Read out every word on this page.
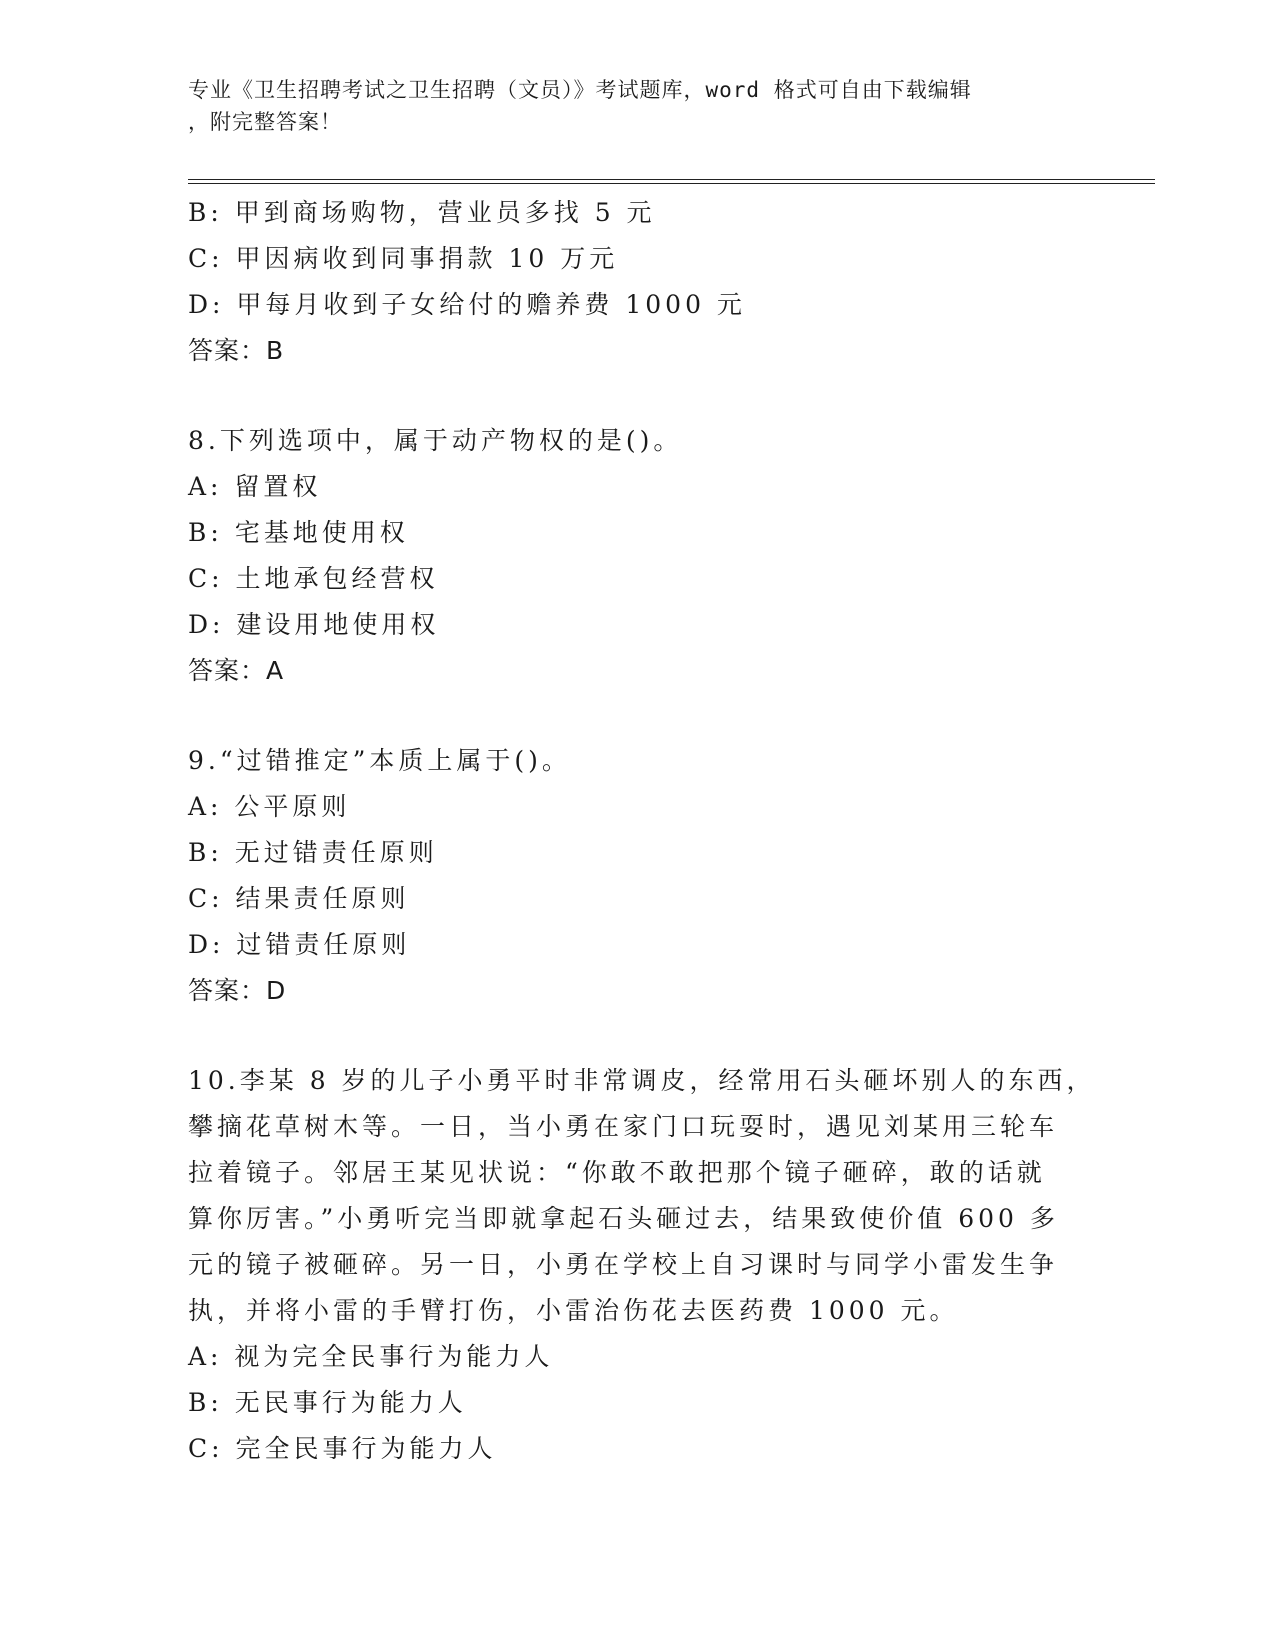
专业《卫生招聘考试之卫生招聘（文员）》考试题库，word 格式可自由下载编辑
，附完整答案！
B: 甲到商场购物，营业员多找 5 元
C: 甲因病收到同事捐款 10 万元
D: 甲每月收到子女给付的赡养费 1000 元
答案：B
8.下列选项中，属于动产物权的是()。
A: 留置权
B: 宅基地使用权
C: 土地承包经营权
D: 建设用地使用权
答案：A
9.“过错推定”本质上属于()。
A: 公平原则
B: 无过错责任原则
C: 结果责任原则
D: 过错责任原则
答案：D
10.李某 8 岁的儿子小勇平时非常调皮，经常用石头砸坏别人的东西，
攀摘花草树木等。一日，当小勇在家门口玩耍时，遇见刘某用三轮车
拉着镜子。邻居王某见状说：“你敢不敢把那个镜子砸碎，敢的话就
算你厉害。”小勇听完当即就拿起石头砸过去，结果致使价值 600 多
元的镜子被砸碎。另一日，小勇在学校上自习课时与同学小雷发生争
执，并将小雷的手臂打伤，小雷治伤花去医药费 1000 元。
A: 视为完全民事行为能力人
B: 无民事行为能力人
C: 完全民事行为能力人
